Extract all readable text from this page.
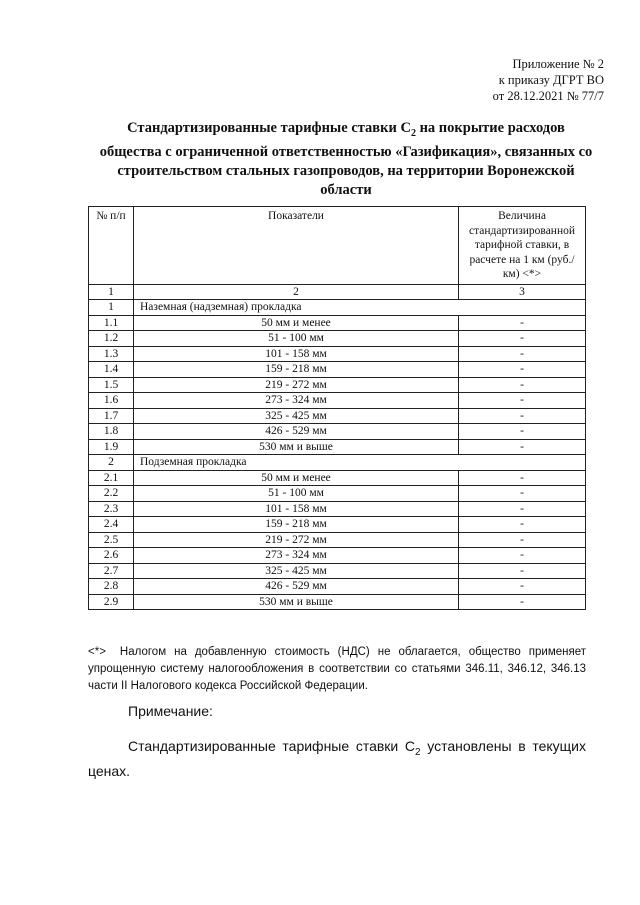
Приложение № 2
к приказу ДГРТ ВО
от 28.12.2021 № 77/7
Стандартизированные тарифные ставки $С_2$ на покрытие расходов общества с ограниченной ответственностью «Газификация», связанных со строительством стальных газопроводов, на территории Воронежской области
№ п/п	Показатели	Величина стандартизированной тарифной ставки, в расчете на 1 км (руб./км) <*>
1	2	3
1	Наземная (надземная) прокладка	
1.1	50 мм и менее	-
1.2	51 - 100 мм	-
1.3	101 - 158 мм	-
1.4	159 - 218 мм	-
1.5	219 - 272 мм	-
1.6	273 - 324 мм	-
1.7	325 - 425 мм	-
1.8	426 - 529 мм	-
1.9	530 мм и выше	-
2	Подземная прокладка	
2.1	50 мм и менее	-
2.2	51 - 100 мм	-
2.3	101 - 158 мм	-
2.4	159 - 218 мм	-
2.5	219 - 272 мм	-
2.6	273 - 324 мм	-
2.7	325 - 425 мм	-
2.8	426 - 529 мм	-
2.9	530 мм и выше	-
<*> Налогом на добавленную стоимость (НДС) не облагается, общество применяет упрощенную систему налогообложения в соответствии со статьями 346.11, 346.12, 346.13 части II Налогового кодекса Российской Федерации.
Примечание:
Стандартизированные тарифные ставки $С_2$ установлены в текущих ценах.
